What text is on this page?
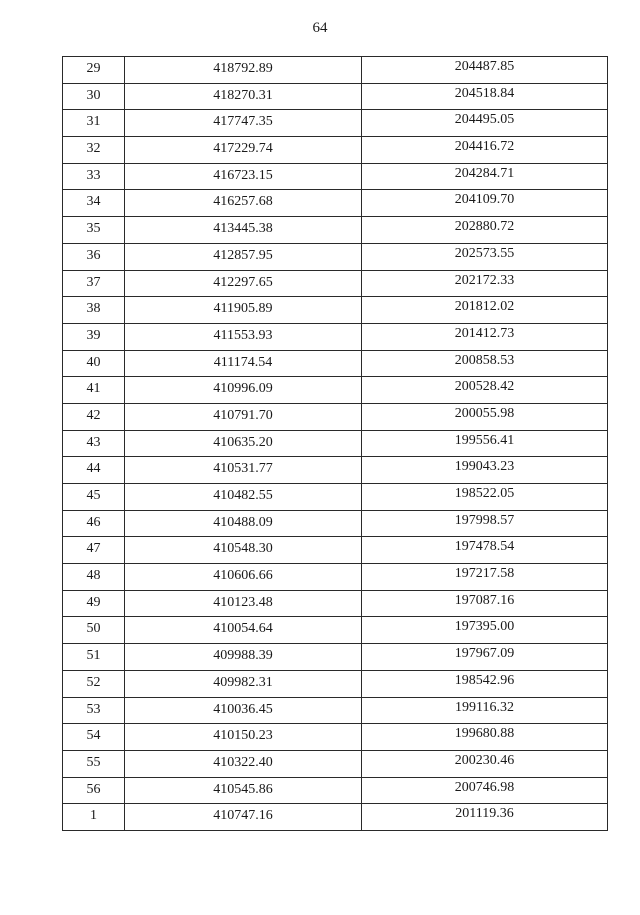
64
29	418792.89	204487.85

30	418270.31	204518.84

31	417747.35	204495.05

32	417229.74	204416.72

33	416723.15	204284.71

34	416257.68	204109.70

35	413445.38	202880.72

36	412857.95	202573.55

37	412297.65	202172.33

38	411905.89	201812.02

39	411553.93	201412.73

40	411174.54	200858.53

41	410996.09	200528.42

42	410791.70	200055.98

43	410635.20	199556.41

44	410531.77	199043.23

45	410482.55	198522.05

46	410488.09	197998.57

47	410548.30	197478.54

48	410606.66	197217.58

49	410123.48	197087.16

50	410054.64	197395.00

51	409988.39	197967.09

52	409982.31	198542.96

53	410036.45	199116.32

54	410150.23	199680.88

55	410322.40	200230.46

56	410545.86	200746.98

1	410747.16	201119.36
